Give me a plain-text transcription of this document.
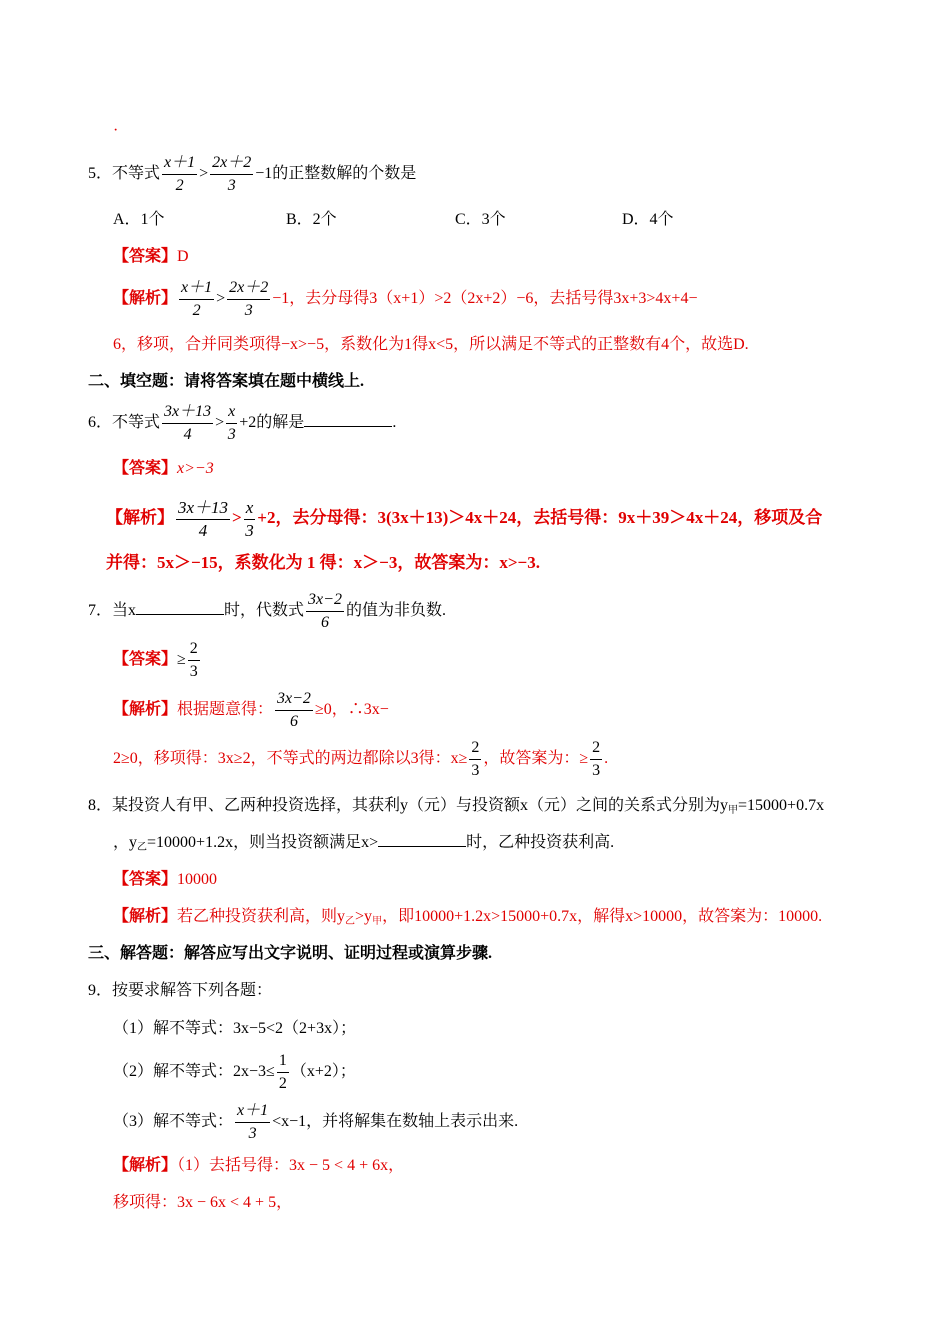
·
5．不等式 $\frac{x+1}{2} > \frac{2x+2}{3} -1$的正整数解的个数是
A．1个	B．2个	C．3个	D．4个
【答案】D
【解析】 $\frac{x+1}{2} > \frac{2x+2}{3} -1$，去分母得3（x+1）>2（2x+2）−6，去括号得3x+3>4x+4−
6，移项，合并同类项得−x>−5，系数化为1得x<5，所以满足不等式的正整数有4个，故选D.
二、填空题：请将答案填在题中横线上.
6．不等式 $\frac{3x+13}{4} > \frac{x}{3} +2$的解是	.
【答案】x>−3
【解析】 $\frac{3x+13}{4} > \frac{x}{3} +2$，去分母得：3(3x＋13)＞4x＋24，去括号得：9x＋39＞4x＋24，移项及合
并得：5x＞−15，系数化为 1 得：x＞−3，故答案为：x>−3.
7．当x	时，代数式 $\frac{3x-2}{6}$ 的值为非负数.
【答案】≥ $\frac{2}{3}$
【解析】根据题意得： $\frac{3x-2}{6} \ge 0$，∴3x−
2≥0，移项得：3x≥2，不等式的两边都除以3得：$x\ge \frac{2}{3}$ ，故答案为：≥ $\frac{2}{3}$ .
8．某投资人有甲、乙两种投资选择，其获利y（元）与投资额x（元）之间的关系式分别为$y_甲=15000+0.7x$
，$y_乙=10000+1.2x$，则当投资额满足x>	时，乙种投资获利高.
【答案】10000
【解析】若乙种投资获利高，则$y_乙>y_甲$，即10000+1.2x>15000+0.7x，解得x>10000，故答案为：10000.
三、解答题：解答应写出文字说明、证明过程或演算步骤.
9．按要求解答下列各题：
（1）解不等式：3x−5<2（2+3x）；
（2）解不等式：$2x-3\le \frac{1}{2} (x+2)$；
（3）解不等式： $\frac{x+1}{3} <x-1$，并将解集在数轴上表示出来.
【解析】（1）去括号得：3x − 5 < 4 + 6x，
移项得：3x − 6x < 4 + 5，
